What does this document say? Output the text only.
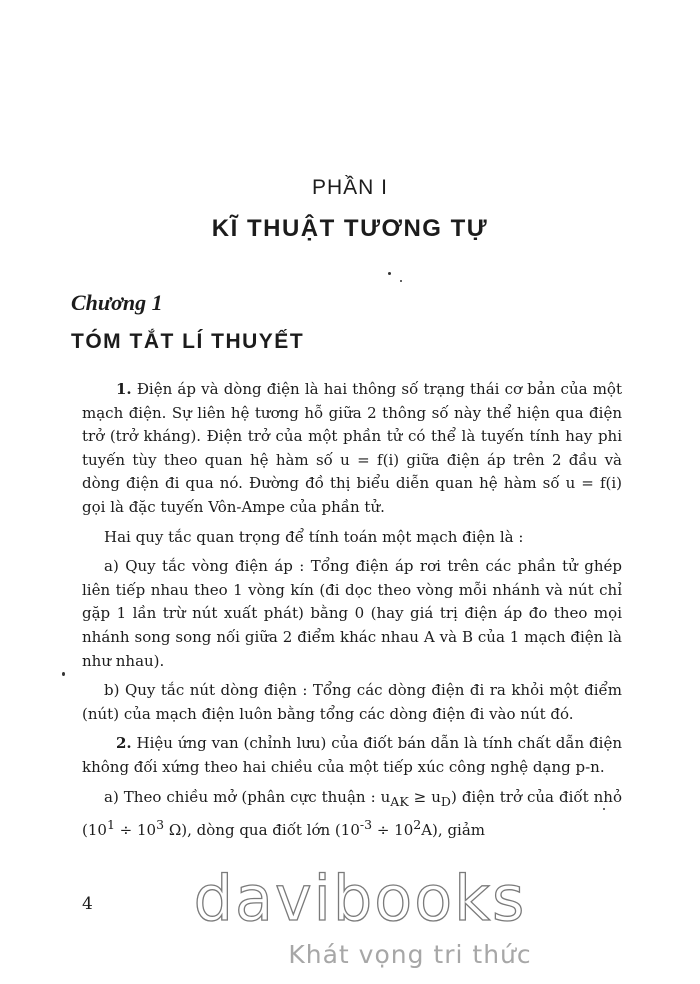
PHẦN I
KĨ THUẬT TƯƠNG TỰ
Chương 1
TÓM TẮT LÍ THUYẾT

1. Điện áp và dòng điện là hai thông số trạng thái cơ bản của một mạch điện. Sự liên hệ tương hỗ giữa 2 thông số này thể hiện qua điện trở (trở kháng). Điện trở của một phần tử có thể là tuyến tính hay phi tuyến tùy theo quan hệ hàm số u = f(i) giữa điện áp trên 2 đầu và dòng điện đi qua nó. Đường đồ thị biểu diễn quan hệ hàm số u = f(i) gọi là đặc tuyến Vôn-Ampe của phần tử.

Hai quy tắc quan trọng để tính toán một mạch điện là :

a) Quy tắc vòng điện áp : Tổng điện áp rơi trên các phần tử ghép liên tiếp nhau theo 1 vòng kín (đi dọc theo vòng mỗi nhánh và nút chỉ gặp 1 lần trừ nút xuất phát) bằng 0 (hay giá trị điện áp đo theo mọi nhánh song song nối giữa 2 điểm khác nhau A và B của 1 mạch điện là như nhau).

b) Quy tắc nút dòng điện : Tổng các dòng điện đi ra khỏi một điểm (nút) của mạch điện luôn bằng tổng các dòng điện đi vào nút đó.

2. Hiệu ứng van (chỉnh lưu) của điốt bán dẫn là tính chất dẫn điện không đối xứng theo hai chiều của một tiếp xúc công nghệ dạng p-n.

a) Theo chiều mở (phân cực thuận : $u_{AK} \ge u_D$) điện trở của điốt nhỏ ($10^1 \div 10^3$ Ω), dòng qua điốt lớn $(10^{-3} \div 10^2A)$, giảm

4	davibooks
Khát vọng tri thức
